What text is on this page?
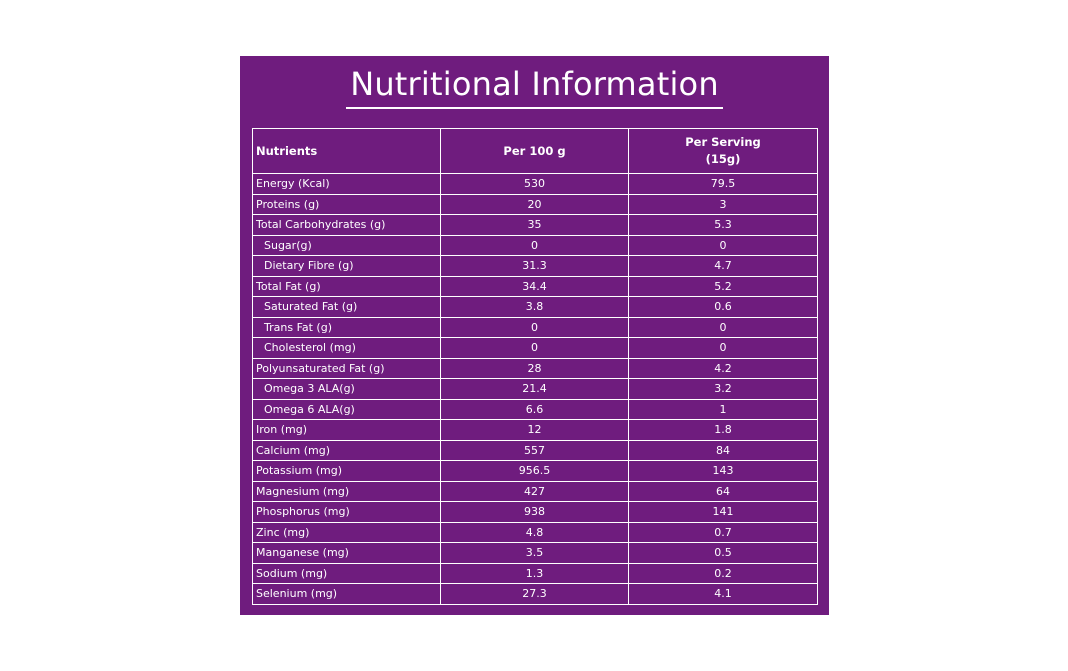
Nutritional Information
Nutrients	Per 100 g	Per Serving
(15g)

Energy (Kcal)	530	79.5
Proteins (g)	20	3
Total Carbohydrates (g)	35	5.3
Sugar(g)	0	0
Dietary Fibre (g)	31.3	4.7
Total Fat (g)	34.4	5.2
Saturated Fat (g)	3.8	0.6
Trans Fat (g)	0	0
Cholesterol (mg)	0	0
Polyunsaturated Fat (g)	28	4.2
Omega 3 ALA(g)	21.4	3.2
Omega 6 ALA(g)	6.6	1
Iron (mg)	12	1.8
Calcium (mg)	557	84
Potassium (mg)	956.5	143
Magnesium (mg)	427	64
Phosphorus (mg)	938	141
Zinc (mg)	4.8	0.7
Manganese (mg)	3.5	0.5
Sodium (mg)	1.3	0.2
Selenium (mg)	27.3	4.1
